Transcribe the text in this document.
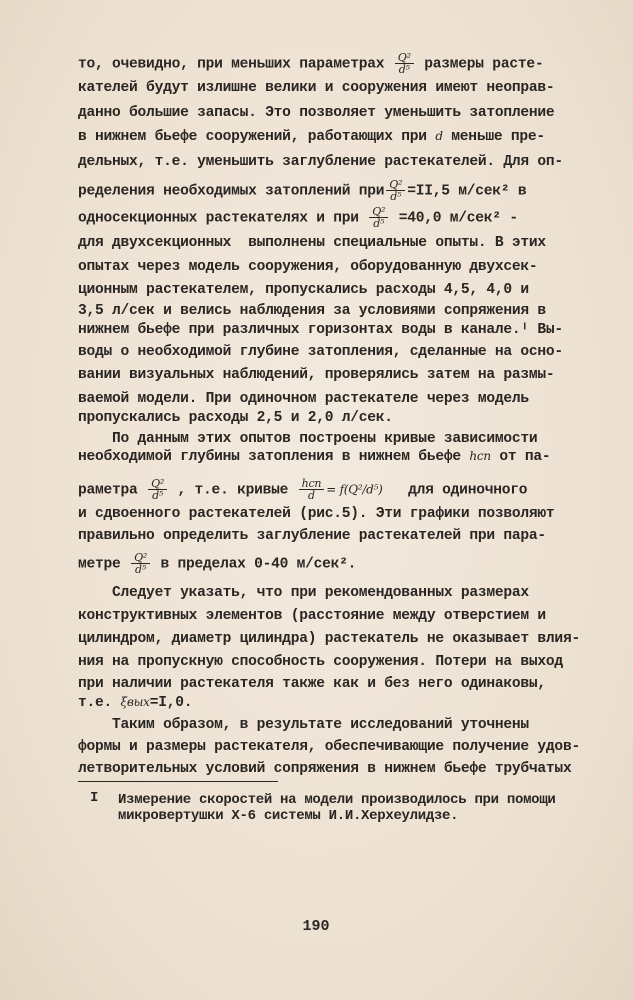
то, очевидно, при меньших параметрах $\frac{\text{Q²}}{\text{d⁵}}$ размеры расте-
кателей будут излишне велики и сооружения имеют неоправ-
данно большие запасы. Это позволяет уменьшить затопление
в нижнем бьефе сооружений, работающих при d меньше пре-
дельных, т.е. уменьшить заглубление растекателей. Для оп-
ределения необходимых затоплений при $\frac{\text{Q²}}{\text{d⁵}} =II,5$ м/сек² в
односекционных растекателях и при $\frac{\text{Q²}}{\text{d⁵}} =40,0$ м/сек² -
для двухсекционных  выполнены специальные опыты. В этих
опытах через модель сооружения, оборудованную двухсек-
ционным растекателем, пропускались расходы 4,5, 4,0 и
3,5 л/сек и велись наблюдения за условиями сопряжения в
нижнем бьефе при различных горизонтах воды в канале.ᴵ Вы-
воды о необходимой глубине затопления, сделанные на осно-
вании визуальных наблюдений, проверялись затем на размы-
ваемой модели. При одиночном растекателе через модель
пропускались расходы 2,5 и 2,0 л/сек.
По данным этих опытов построены кривые зависимости
необходимой глубины затопления в нижнем бьефе hсп от па-
раметра $\frac{\text{Q²}}{\text{d⁵}}$ , т.е. кривые $\frac{\text{hсп}}{d} = f(Q^2/d^5)$ для одиночного
и сдвоенного растекателей (рис.5). Эти графики позволяют
правильно определить заглубление растекателей при пара-
метре $\frac{\text{Q²}}{\text{d⁵}}$ в пределах 0-40 м/сек².
Следует указать, что при рекомендованных размерах
конструктивных элементов (расстояние между отверстием и
цилиндром, диаметр цилиндра) растекатель не оказывает влия-
ния на пропускную способность сооружения. Потери на выход
при наличии растекателя также как и без него одинаковы,
т.е. ξвых=I,0.
Таким образом, в результате исследований уточнены
формы и размеры растекателя, обеспечивающие получение удов-
летворительных условий сопряжения в нижнем бьефе трубчатых
I Измерение скоростей на модели производилось при помощи
микровертушки Х-6 системы И.И.Херхеулидзе.
190
